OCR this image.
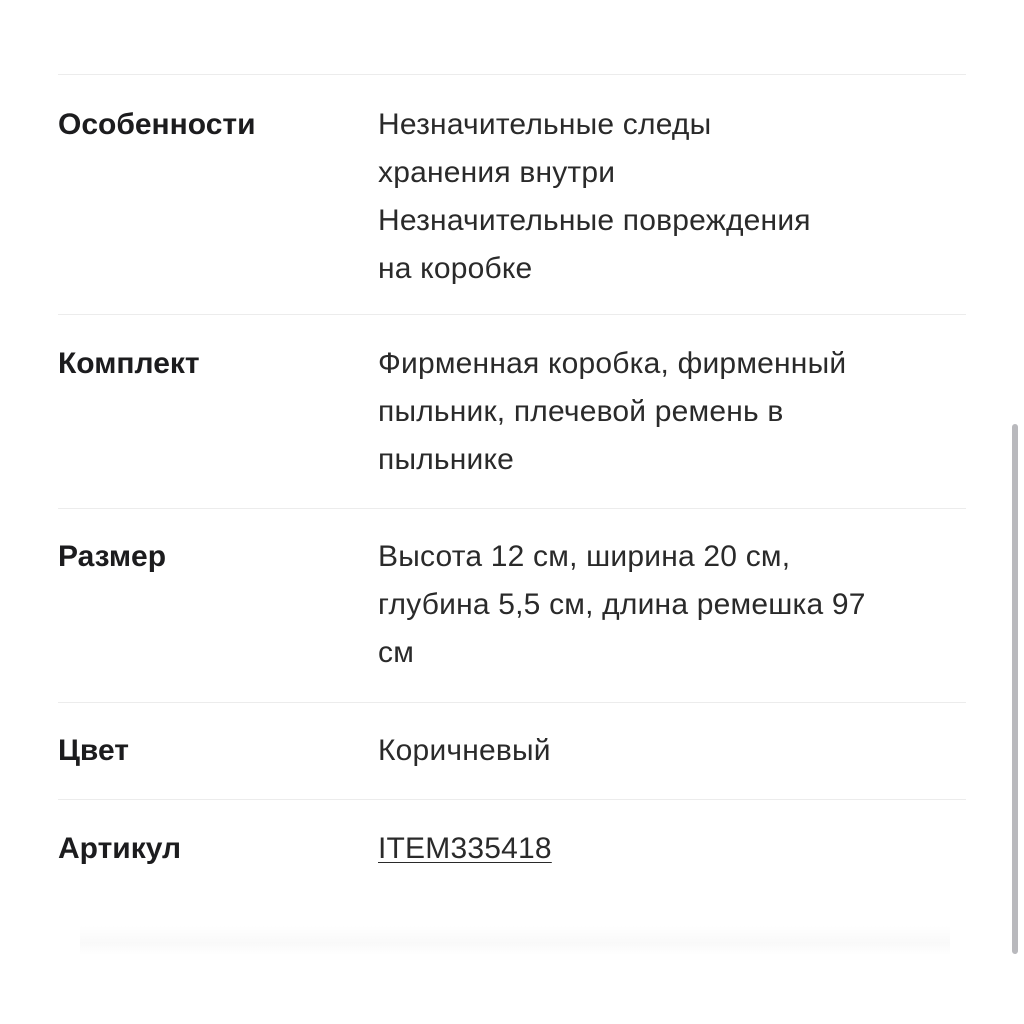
Особенности	Незначительные следы
хранения внутри
Незначительные повреждения
на коробке
Комплект	Фирменная коробка, фирменный
пыльник, плечевой ремень в
пыльнике
Размер	Высота 12 см, ширина 20 см,
глубина 5,5 см, длина ремешка 97
см
Цвет	Коричневый
Артикул	ITEM335418
